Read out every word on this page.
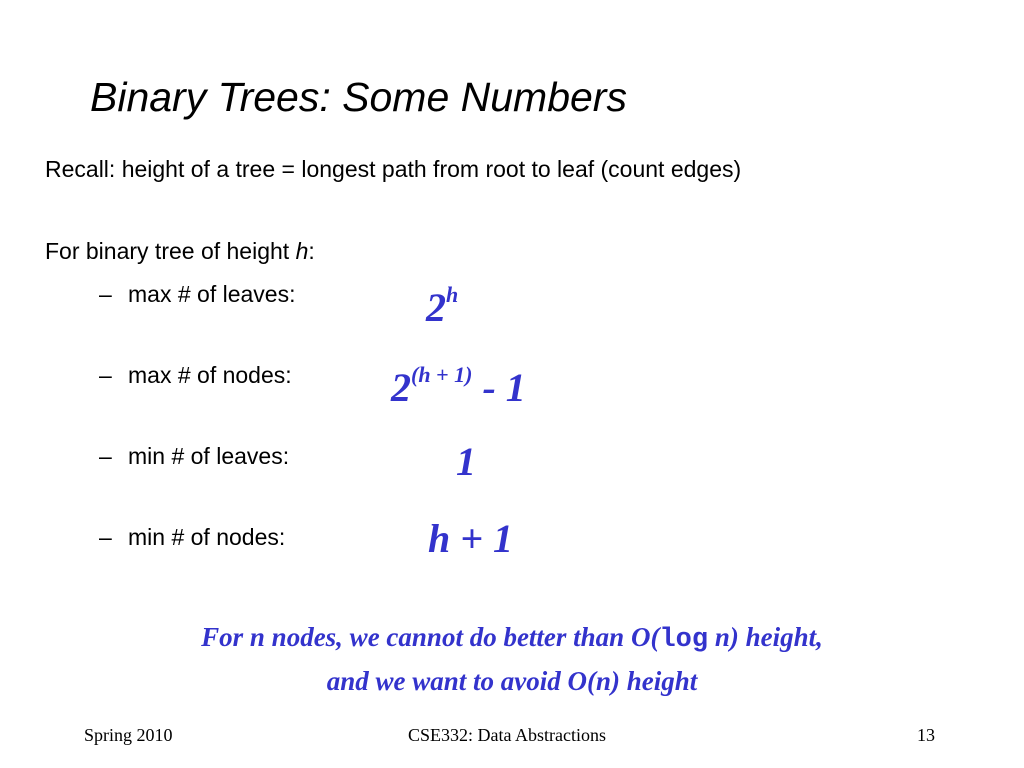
Binary Trees: Some Numbers
Recall: height of a tree = longest path from root to leaf (count edges)
For binary tree of height h:
– max # of leaves:	2$^h$
– max # of nodes: $2^{(h + 1)} - 1$
– min # of leaves:	1
– min # of nodes:	h + 1
For n nodes, we cannot do better than O(log n) height,
and we want to avoid O(n) height
Spring 2010	CSE332: Data Abstractions	13
